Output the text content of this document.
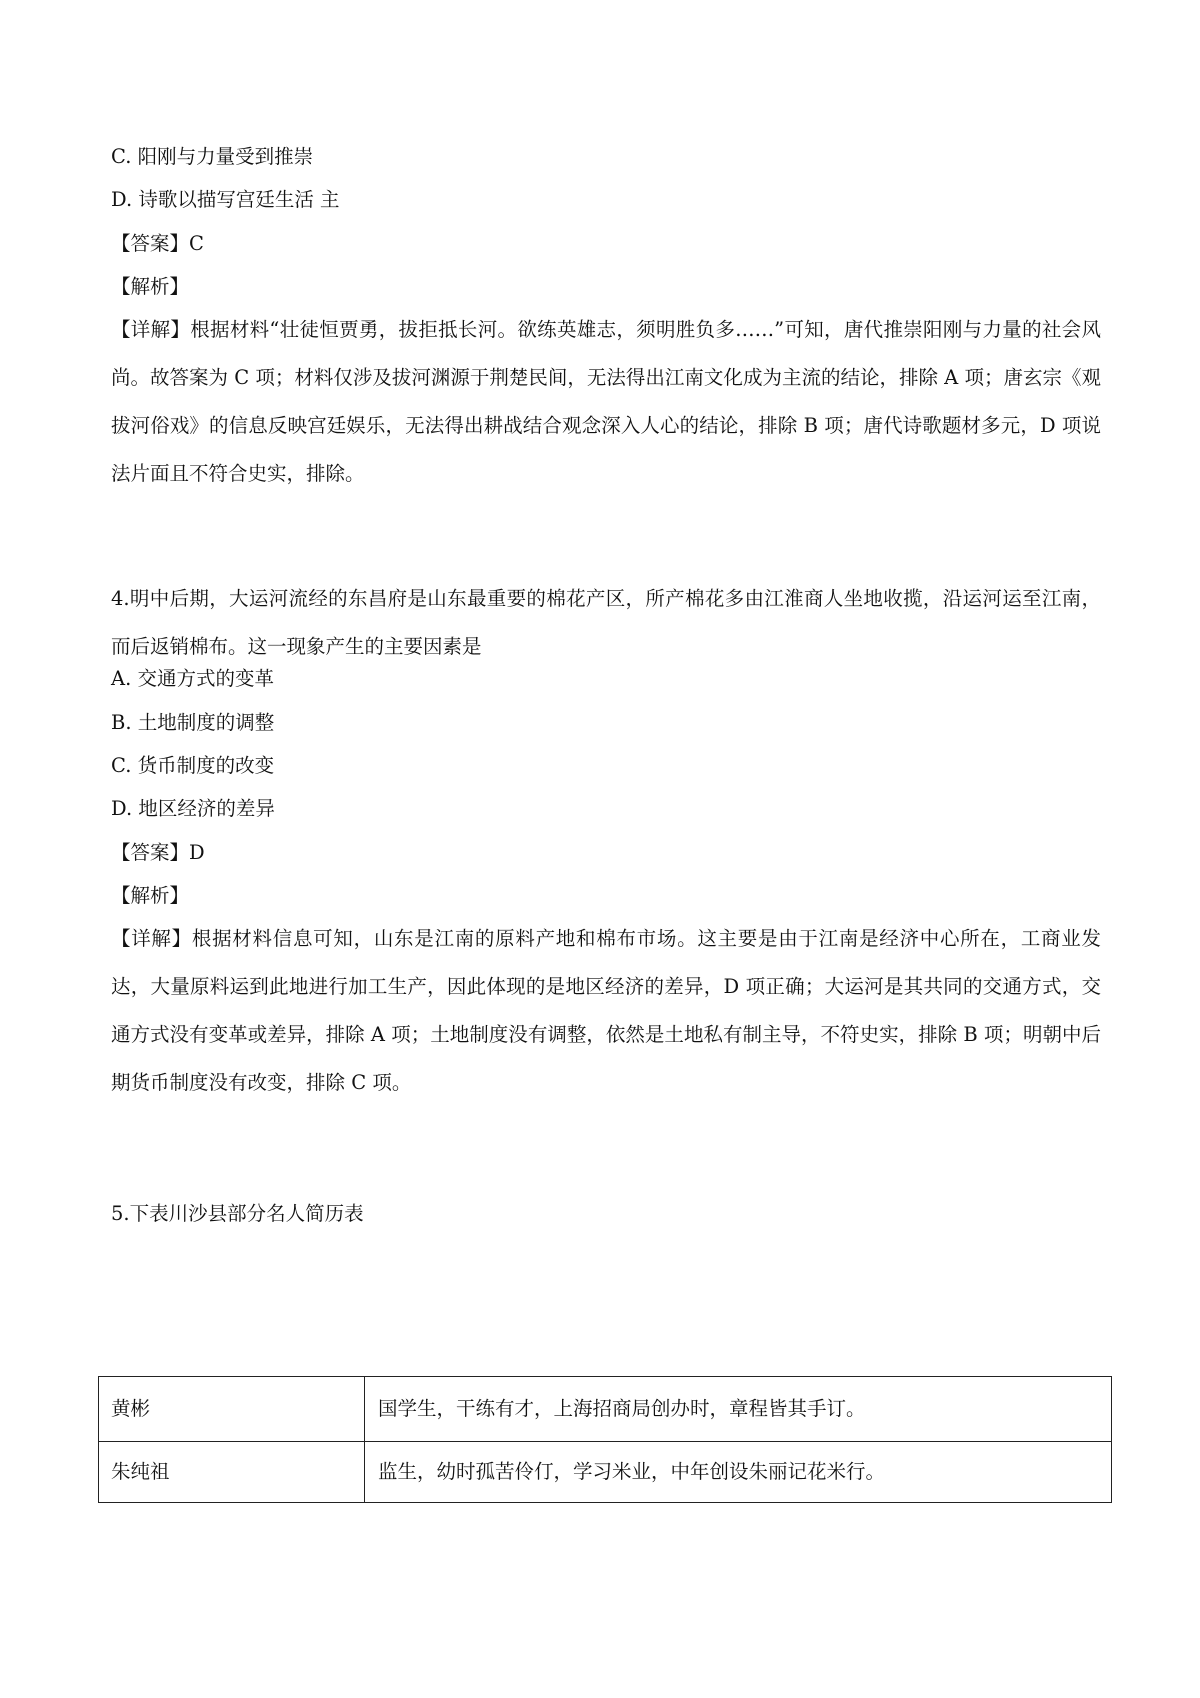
C. 阳刚与力量受到推崇
D. 诗歌以描写宫廷生活 主
【答案】C
【解析】
【详解】根据材料“壮徒恒贾勇，拔拒抵长河。欲练英雄志，须明胜负多……”可知，唐代推崇阳刚与力量的社会风尚。故答案为 C 项；材料仅涉及拔河渊源于荆楚民间，无法得出江南文化成为主流的结论，排除 A 项；唐玄宗《观拔河俗戏》的信息反映宫廷娱乐，无法得出耕战结合观念深入人心的结论，排除 B 项；唐代诗歌题材多元，D 项说法片面且不符合史实，排除。
4.明中后期，大运河流经的东昌府是山东最重要的棉花产区，所产棉花多由江淮商人坐地收揽，沿运河运至江南，而后返销棉布。这一现象产生的主要因素是
A. 交通方式的变革
B. 土地制度的调整
C. 货币制度的改变
D. 地区经济的差异
【答案】D
【解析】
【详解】根据材料信息可知，山东是江南的原料产地和棉布市场。这主要是由于江南是经济中心所在，工商业发达，大量原料运到此地进行加工生产，因此体现的是地区经济的差异，D 项正确；大运河是其共同的交通方式，交通方式没有变革或差异，排除 A 项；土地制度没有调整，依然是土地私有制主导，不符史实，排除 B 项；明朝中后期货币制度没有改变，排除 C 项。
5.下表川沙县部分名人简历表
黄彬	国学生，干练有才，上海招商局创办时，章程皆其手订。
朱纯祖	监生，幼时孤苦伶仃，学习米业，中年创设朱丽记花米行。
